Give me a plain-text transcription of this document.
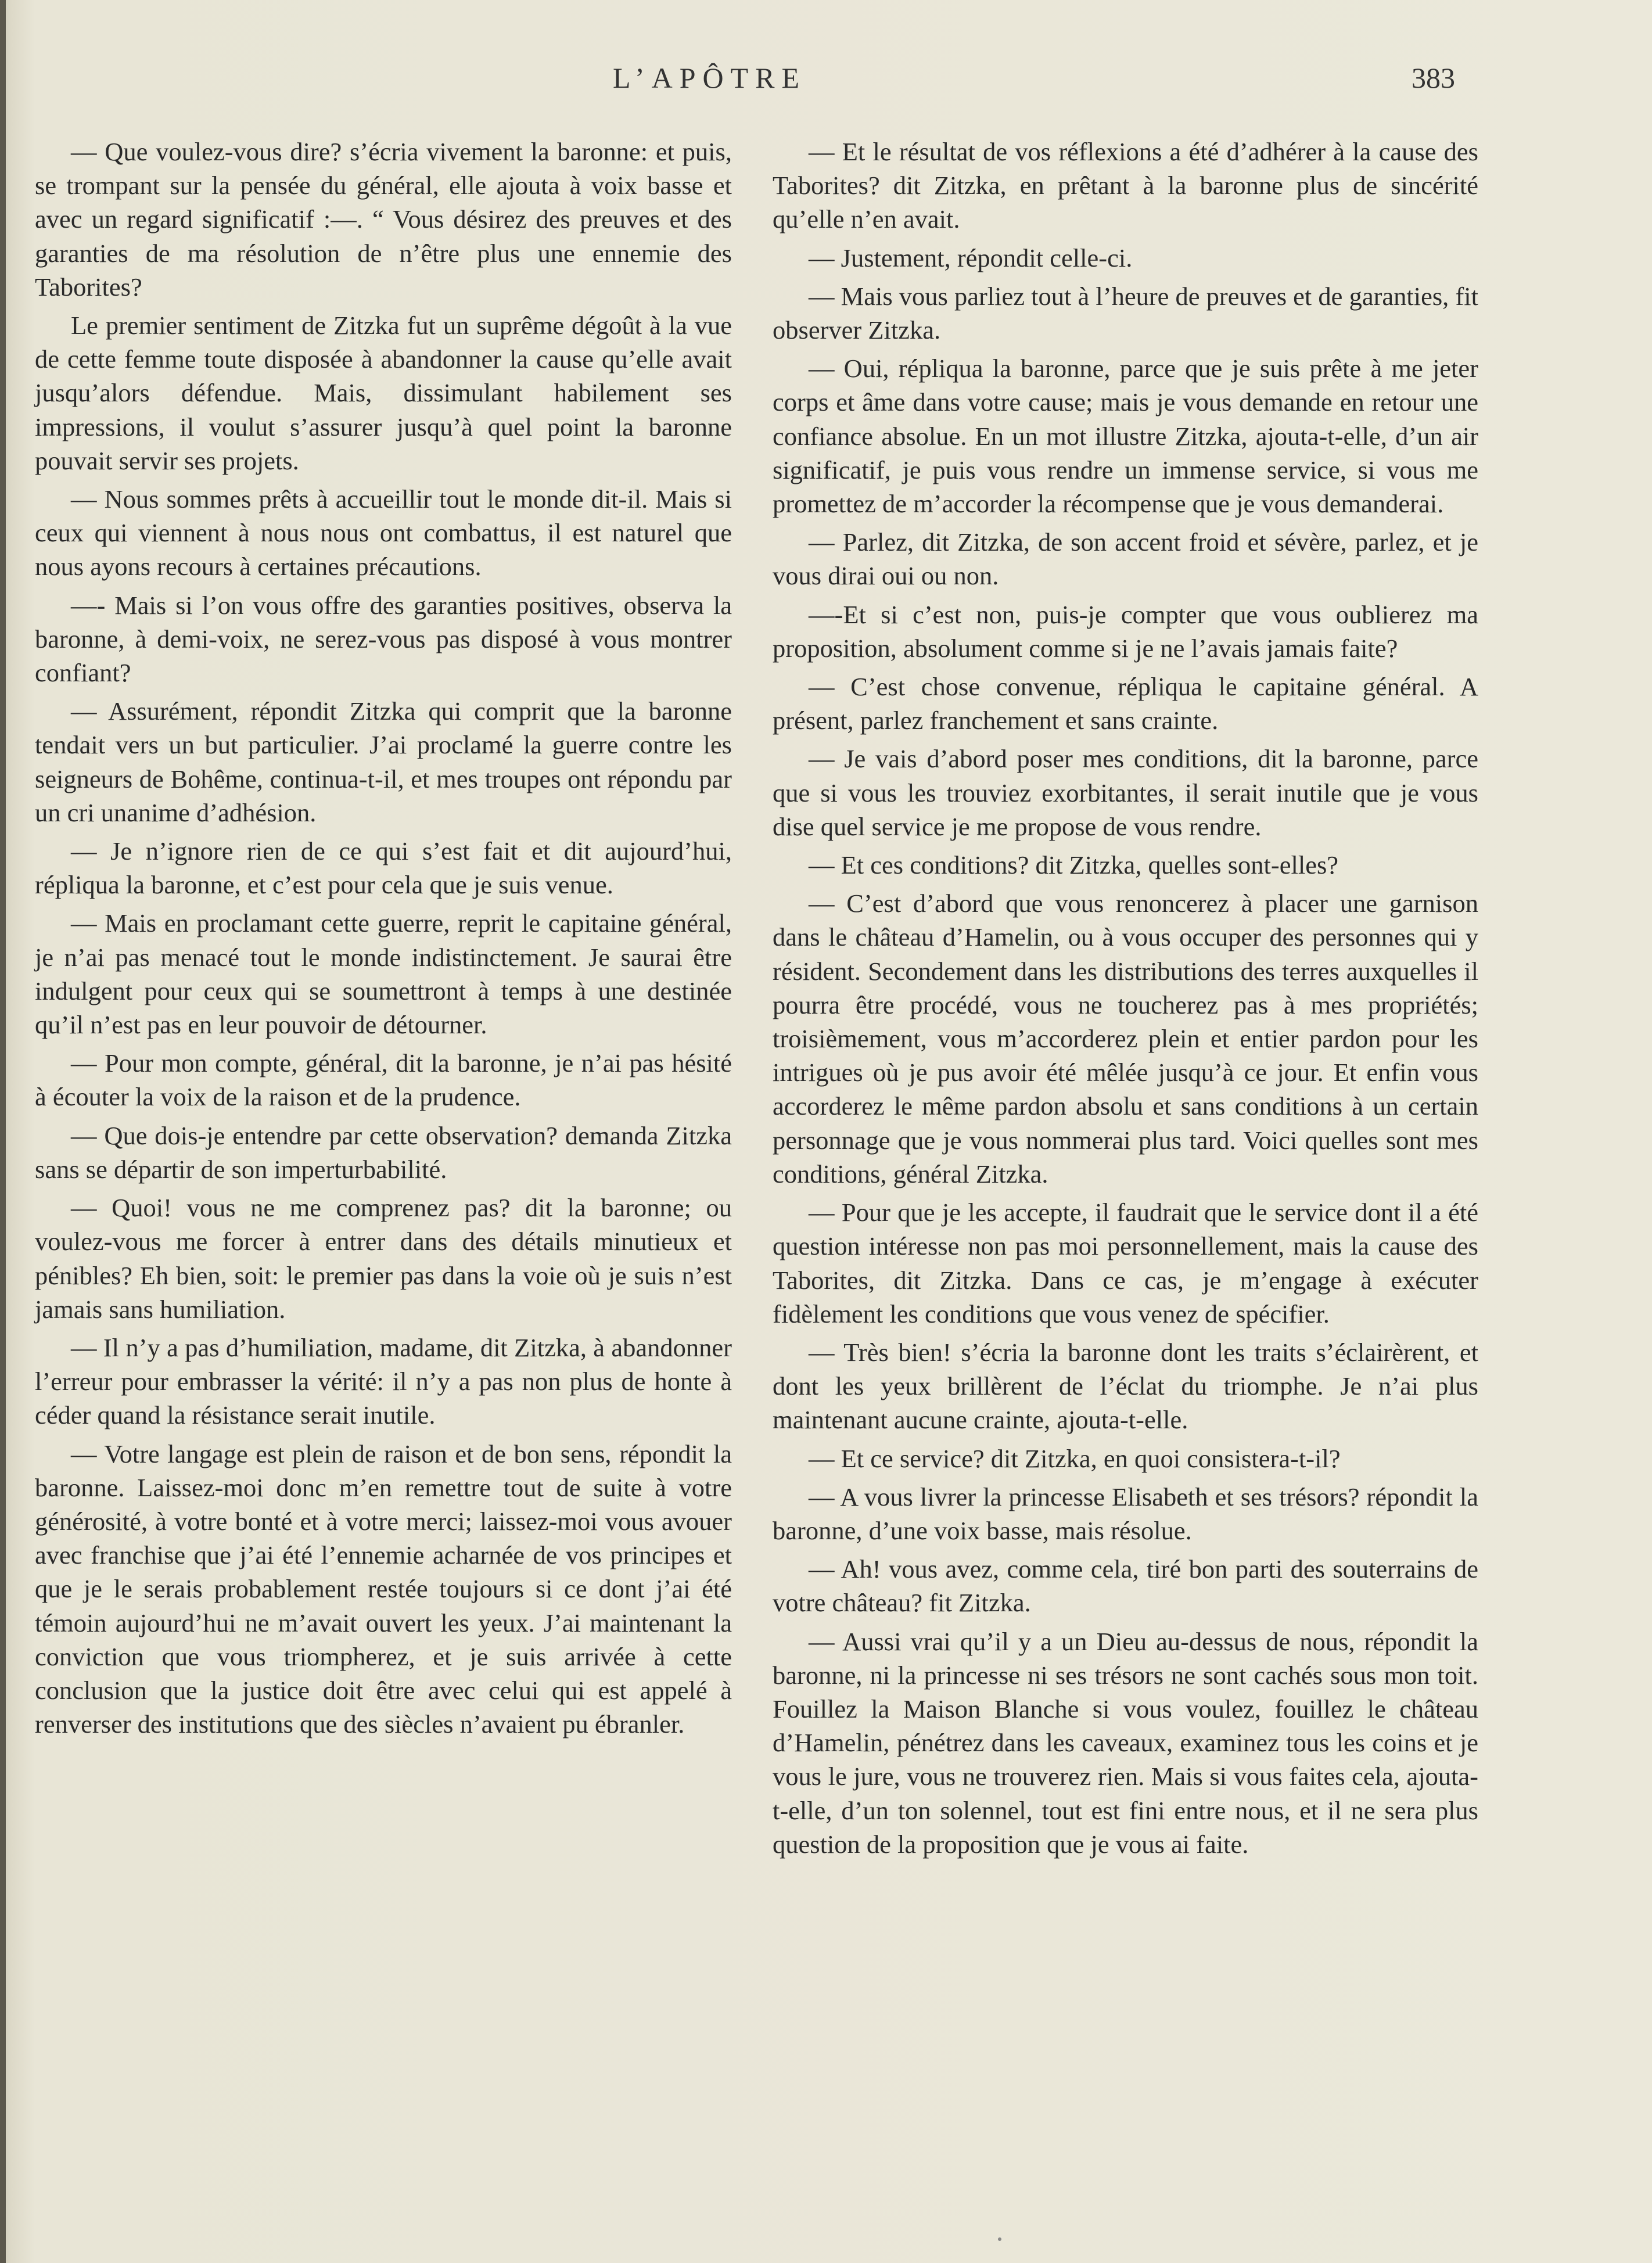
L’APÔTRE	383

— Que voulez-vous dire? s’écria vivement la baronne: et puis, se trompant sur la pensée du général, elle ajouta à voix basse et avec un regard significatif :—. “ Vous désirez des preuves et des garanties de ma résolution de n’être plus une ennemie des Taborites?

Le premier sentiment de Zitzka fut un suprême dégoût à la vue de cette femme toute disposée à abandonner la cause qu’elle avait jusqu’alors défendue. Mais, dissimulant habilement ses impressions, il voulut s’assurer jusqu’à quel point la baronne pouvait servir ses projets.

— Nous sommes prêts à accueillir tout le monde dit-il. Mais si ceux qui viennent à nous nous ont combattus, il est naturel que nous ayons recours à certaines précautions.

—- Mais si l’on vous offre des garanties positives, observa la baronne, à demi-voix, ne serez-vous pas disposé à vous montrer confiant?

— Assurément, répondit Zitzka qui comprit que la baronne tendait vers un but particulier. J’ai proclamé la guerre contre les seigneurs de Bohême, continua-t-il, et mes troupes ont répondu par un cri unanime d’adhésion.

— Je n’ignore rien de ce qui s’est fait et dit aujourd’hui, répliqua la baronne, et c’est pour cela que je suis venue.

— Mais en proclamant cette guerre, reprit le capitaine général, je n’ai pas menacé tout le monde indistinctement. Je saurai être indulgent pour ceux qui se soumettront à temps à une destinée qu’il n’est pas en leur pouvoir de détourner.

— Pour mon compte, général, dit la baronne, je n’ai pas hésité à écouter la voix de la raison et de la prudence.

— Que dois-je entendre par cette observation? demanda Zitzka sans se départir de son imperturbabilité.

— Quoi! vous ne me comprenez pas? dit la baronne; ou voulez-vous me forcer à entrer dans des détails minutieux et pénibles? Eh bien, soit: le premier pas dans la voie où je suis n’est jamais sans humiliation.

— Il n’y a pas d’humiliation, madame, dit Zitzka, à abandonner l’erreur pour embrasser la vérité: il n’y a pas non plus de honte à céder quand la résistance serait inutile.

— Votre langage est plein de raison et de bon sens, répondit la baronne. Laissez-moi donc m’en remettre tout de suite à votre générosité, à votre bonté et à votre merci; laissez-moi vous avouer avec franchise que j’ai été l’ennemie acharnée de vos principes et que je le serais probablement restée toujours si ce dont j’ai été témoin aujourd’hui ne m’avait ouvert les yeux. J’ai maintenant la conviction que vous triompherez, et je suis arrivée à cette conclusion que la justice doit être avec celui qui est appelé à renverser des institutions que des siècles n’avaient pu ébranler.

— Et le résultat de vos réflexions a été d’adhérer à la cause des Taborites? dit Zitzka, en prêtant à la baronne plus de sincérité qu’elle n’en avait.

— Justement, répondit celle-ci.

— Mais vous parliez tout à l’heure de preuves et de garanties, fit observer Zitzka.

— Oui, répliqua la baronne, parce que je suis prête à me jeter corps et âme dans votre cause; mais je vous demande en retour une confiance absolue. En un mot illustre Zitzka, ajouta-t-elle, d’un air significatif, je puis vous rendre un immense service, si vous me promettez de m’accorder la récompense que je vous demanderai.

— Parlez, dit Zitzka, de son accent froid et sévère, parlez, et je vous dirai oui ou non.

—-Et si c’est non, puis-je compter que vous oublierez ma proposition, absolument comme si je ne l’avais jamais faite?

— C’est chose convenue, répliqua le capitaine général. A présent, parlez franchement et sans crainte.

— Je vais d’abord poser mes conditions, dit la baronne, parce que si vous les trouviez exorbitantes, il serait inutile que je vous dise quel service je me propose de vous rendre.

— Et ces conditions? dit Zitzka, quelles sont-elles?

— C’est d’abord que vous renoncerez à placer une garnison dans le château d’Hamelin, ou à vous occuper des personnes qui y résident. Secondement dans les distributions des terres auxquelles il pourra être procédé, vous ne toucherez pas à mes propriétés; troisièmement, vous m’accorderez plein et entier pardon pour les intrigues où je pus avoir été mêlée jusqu’à ce jour. Et enfin vous accorderez le même pardon absolu et sans conditions à un certain personnage que je vous nommerai plus tard. Voici quelles sont mes conditions, général Zitzka.

— Pour que je les accepte, il faudrait que le service dont il a été question intéresse non pas moi personnellement, mais la cause des Taborites, dit Zitzka. Dans ce cas, je m’engage à exécuter fidèlement les conditions que vous venez de spécifier.

— Très bien! s’écria la baronne dont les traits s’éclairèrent, et dont les yeux brillèrent de l’éclat du triomphe. Je n’ai plus maintenant aucune crainte, ajouta-t-elle.

— Et ce service? dit Zitzka, en quoi consistera-t-il?

— A vous livrer la princesse Elisabeth et ses trésors? répondit la baronne, d’une voix basse, mais résolue.

— Ah! vous avez, comme cela, tiré bon parti des souterrains de votre château? fit Zitzka.

— Aussi vrai qu’il y a un Dieu au-dessus de nous, répondit la baronne, ni la princesse ni ses trésors ne sont cachés sous mon toit. Fouillez la Maison Blanche si vous voulez, fouillez le château d’Hamelin, pénétrez dans les caveaux, examinez tous les coins et je vous le jure, vous ne trouverez rien. Mais si vous faites cela, ajouta-t-elle, d’un ton solennel, tout est fini entre nous, et il ne sera plus question de la proposition que je vous ai faite.
